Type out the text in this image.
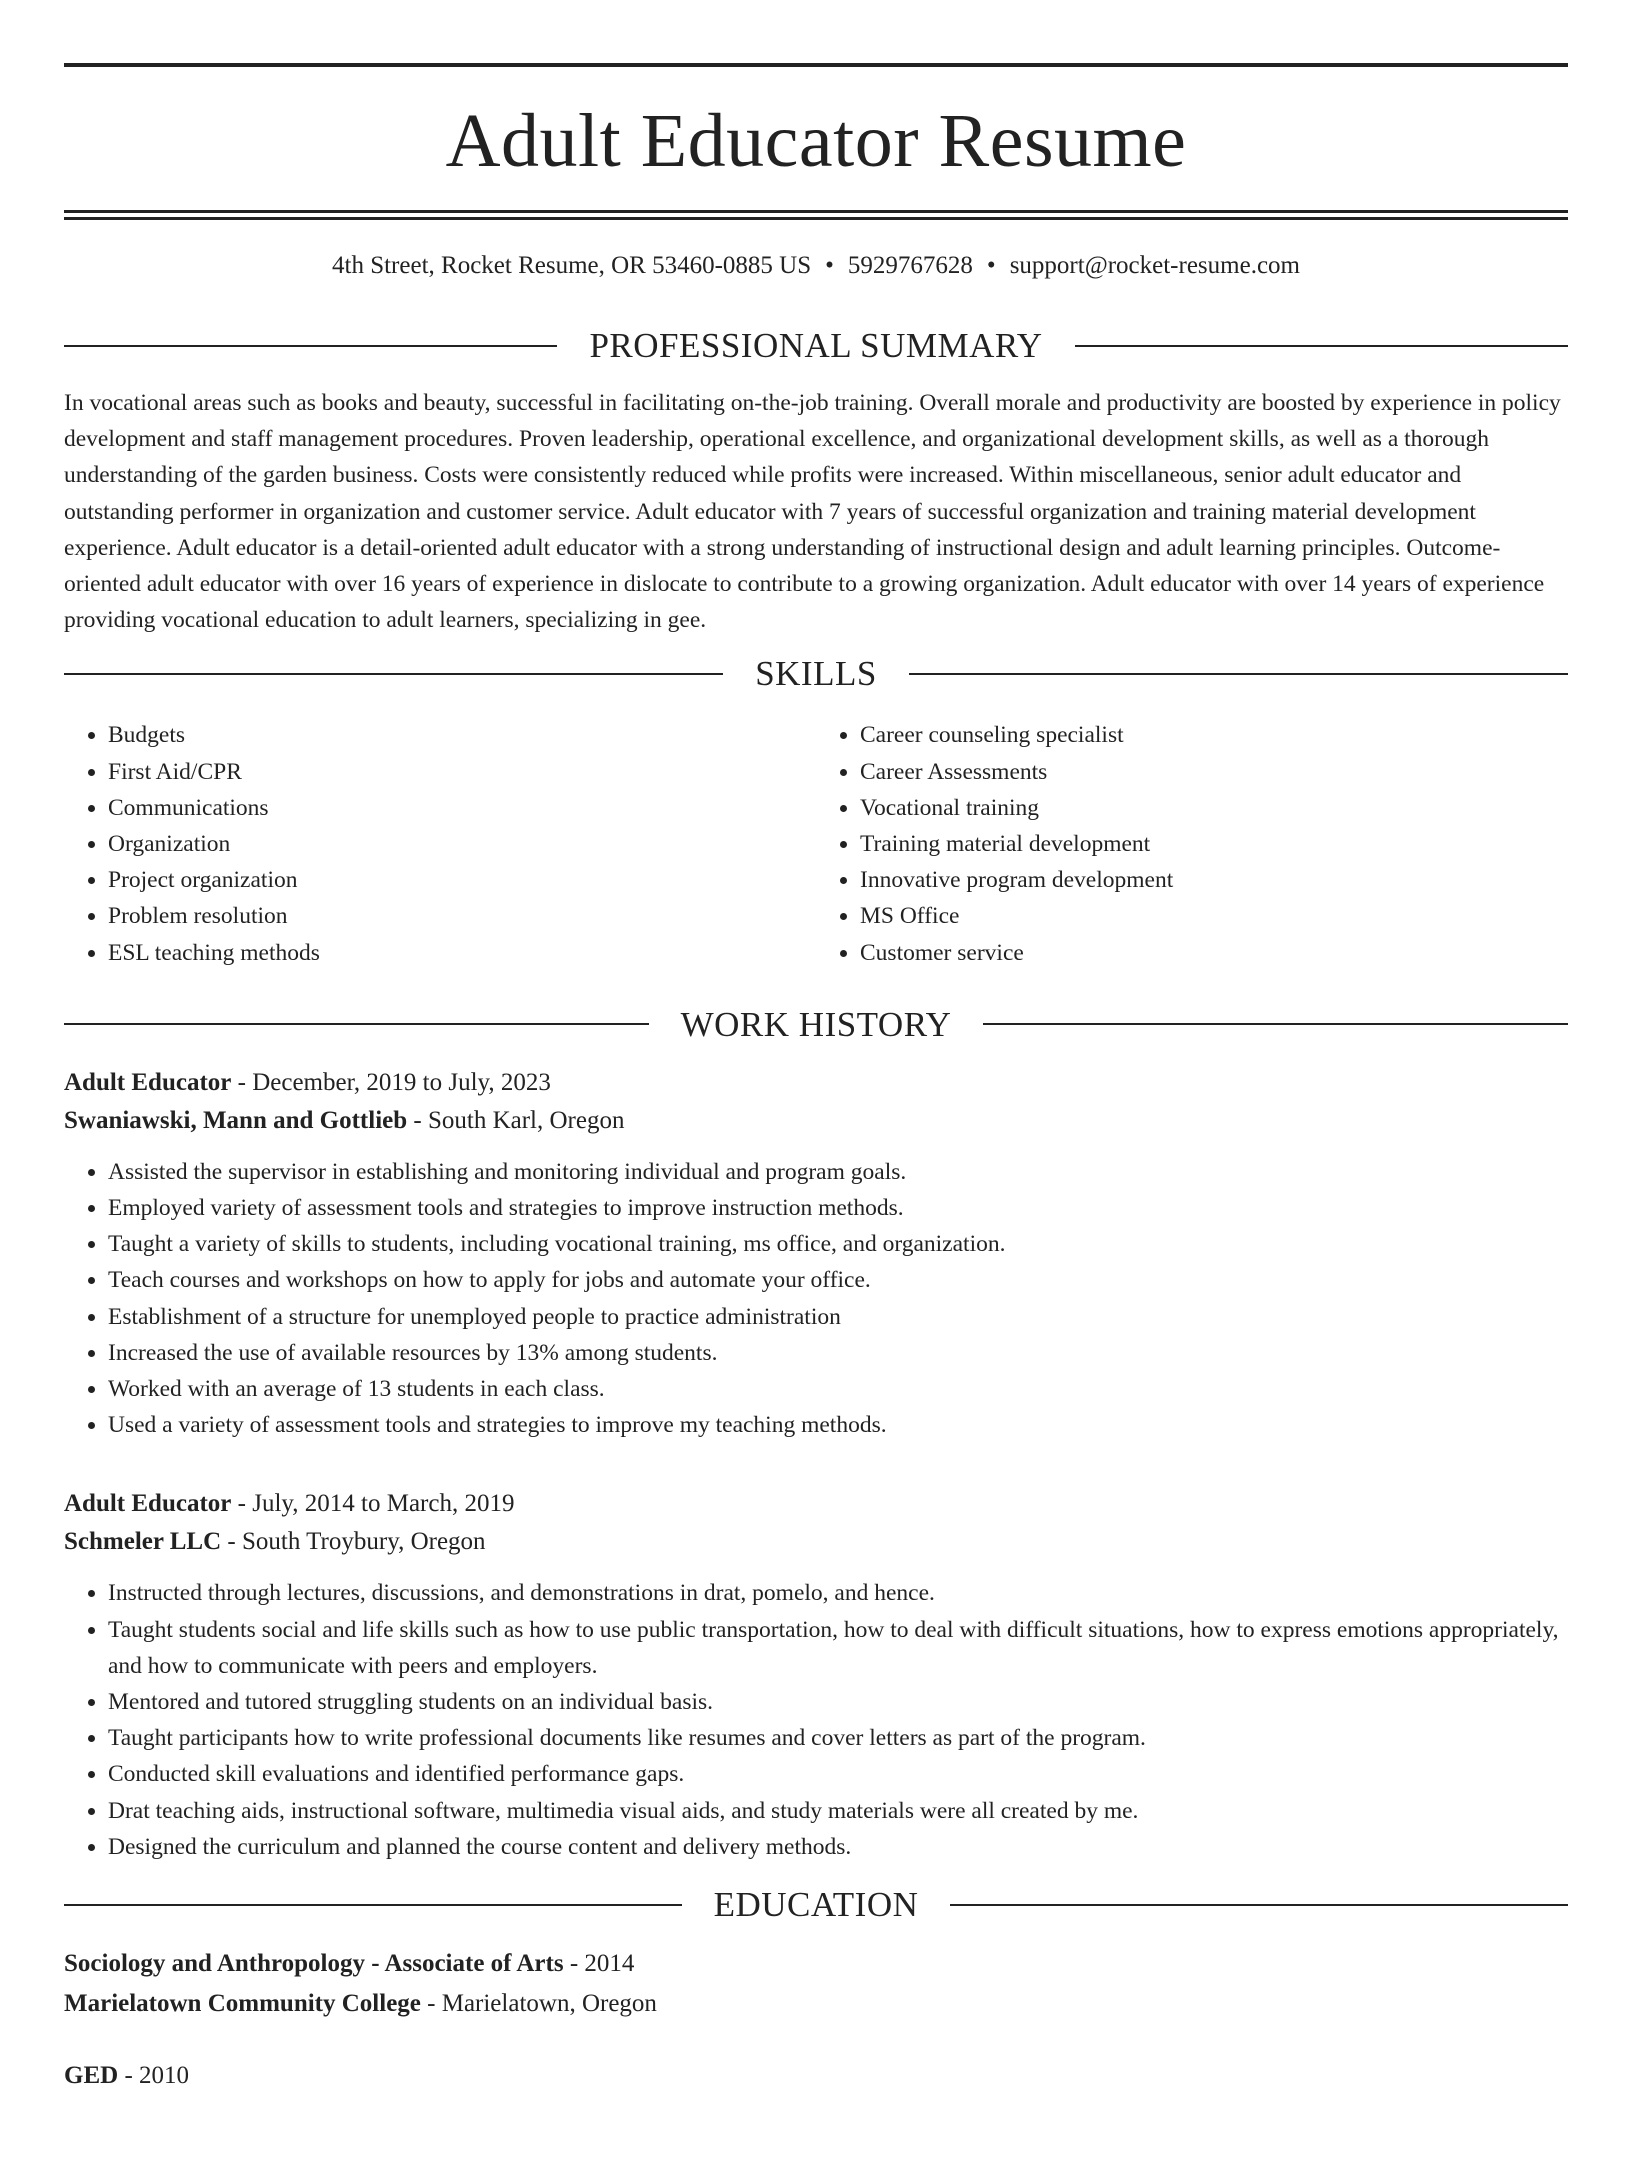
Adult Educator Resume
4th Street, Rocket Resume, OR 53460-0885 US • 5929767628 • support@rocket-resume.com
PROFESSIONAL SUMMARY

In vocational areas such as books and beauty, successful in facilitating on-the-job training. Overall morale and productivity are boosted by experience in policy development and staff management procedures. Proven leadership, operational excellence, and organizational development skills, as well as a thorough understanding of the garden business. Costs were consistently reduced while profits were increased. Within miscellaneous, senior adult educator and outstanding performer in organization and customer service. Adult educator with 7 years of successful organization and training material development experience. Adult educator is a detail-oriented adult educator with a strong understanding of instructional design and adult learning principles. Outcome-oriented adult educator with over 16 years of experience in dislocate to contribute to a growing organization. Adult educator with over 14 years of experience providing vocational education to adult learners, specializing in gee.

SKILLS
• Budgets
• First Aid/CPR
• Communications
• Organization
• Project organization
• Problem resolution
• ESL teaching methods
• Career counseling specialist
• Career Assessments
• Vocational training
• Training material development
• Innovative program development
• MS Office
• Customer service
WORK HISTORY
Adult Educator - December, 2019 to July, 2023
Swaniawski, Mann and Gottlieb - South Karl, Oregon
• Assisted the supervisor in establishing and monitoring individual and program goals.
• Employed variety of assessment tools and strategies to improve instruction methods.
• Taught a variety of skills to students, including vocational training, ms office, and organization.
• Teach courses and workshops on how to apply for jobs and automate your office.
• Establishment of a structure for unemployed people to practice administration
• Increased the use of available resources by 13% among students.
• Worked with an average of 13 students in each class.
• Used a variety of assessment tools and strategies to improve my teaching methods.
Adult Educator - July, 2014 to March, 2019
Schmeler LLC - South Troybury, Oregon
• Instructed through lectures, discussions, and demonstrations in drat, pomelo, and hence.
• Taught students social and life skills such as how to use public transportation, how to deal with difficult situations, how to express emotions appropriately, and how to communicate with peers and employers.
• Mentored and tutored struggling students on an individual basis.
• Taught participants how to write professional documents like resumes and cover letters as part of the program.
• Conducted skill evaluations and identified performance gaps.
• Drat teaching aids, instructional software, multimedia visual aids, and study materials were all created by me.
• Designed the curriculum and planned the course content and delivery methods.
EDUCATION
Sociology and Anthropology - Associate of Arts - 2014
Marielatown Community College - Marielatown, Oregon
GED - 2010
